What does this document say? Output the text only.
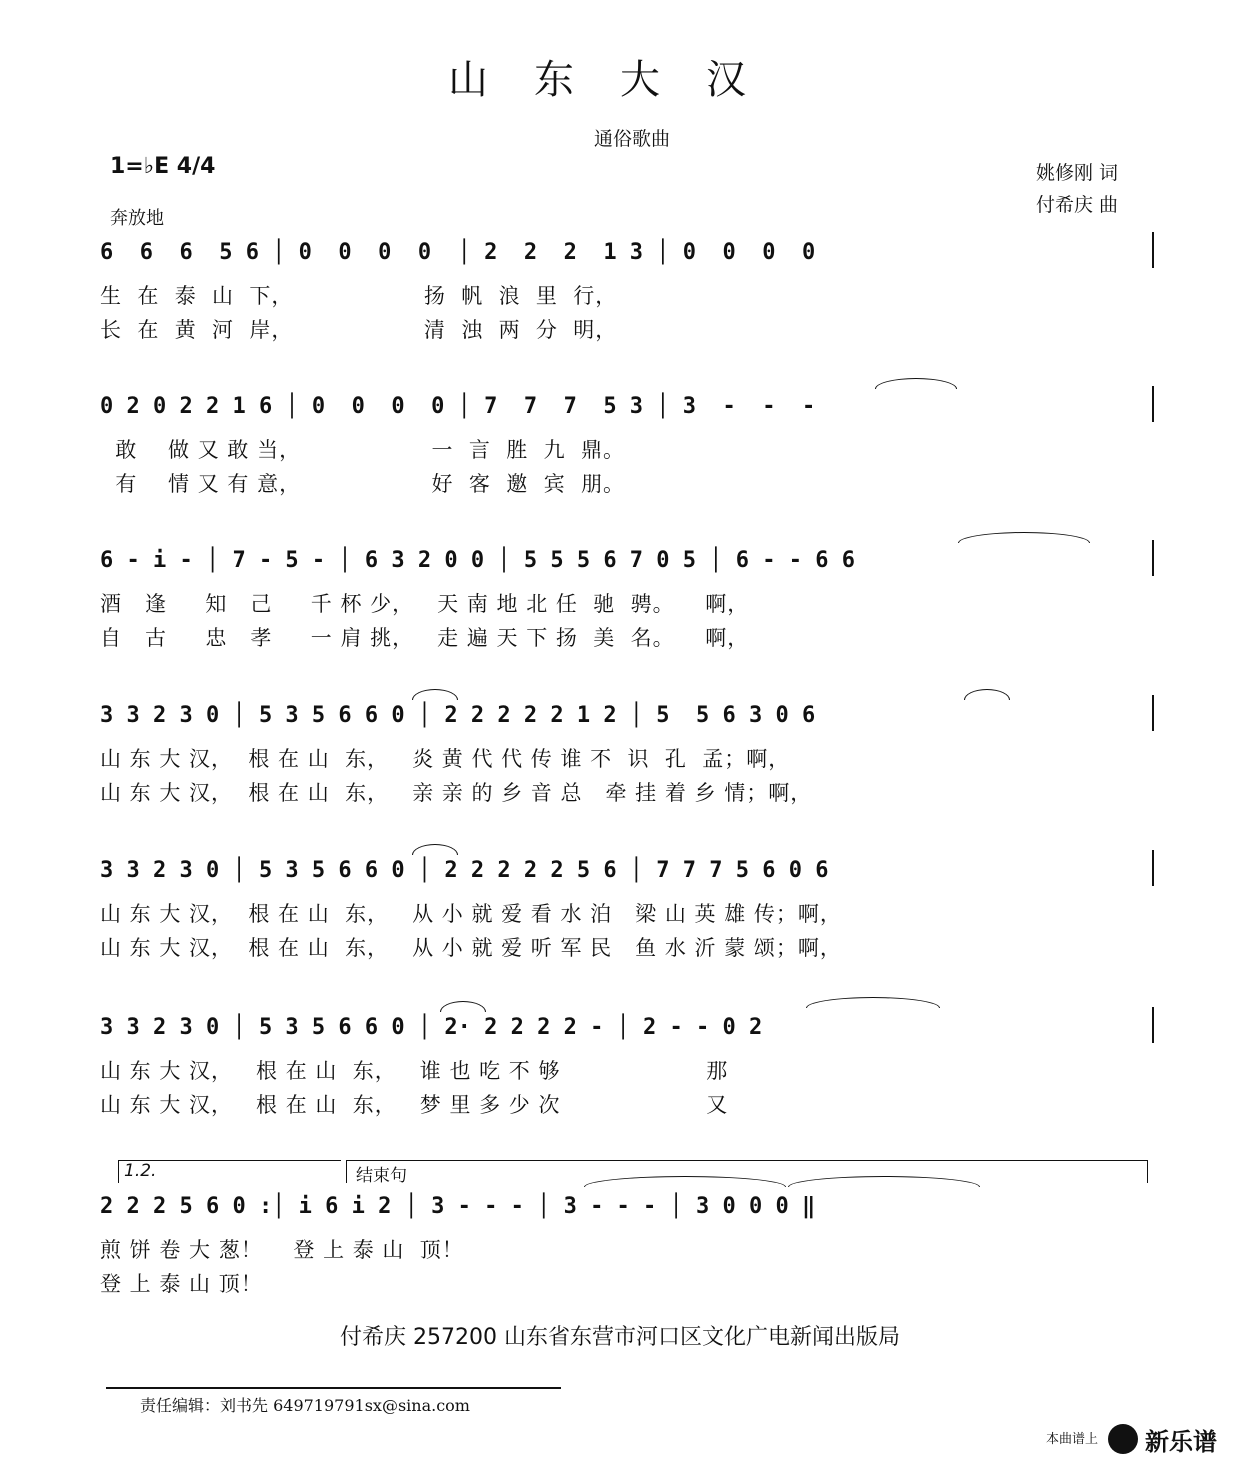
山东大汉
通俗歌曲
1=♭E 4/4
奔放地
姚修刚 词
付希庆 曲
6  6  6  5 6 │ 0  0  0  0  │ 2  2  2  1 3 │ 0  0  0  0
生  在  泰  山  下，                 扬  帆  浪  里  行，
长  在  黄  河  岸，                 清  浊  两  分  明，
0 2 0 2 2 1 6 │ 0  0  0  0 │ 7  7  7  5 3 │ 3  -  -  -
敢    做 又 敢 当，                 一  言  胜  九  鼎。
有    情 又 有 意，                 好  客  邀  宾  朋。
6 - i - │ 7 - 5 - │ 6 3 2 0 0 │ 5 5 5 6 7 0 5 │ 6 - - 6 6
酒   逢     知   己     千 杯 少，   天 南 地 北 任  驰  骋。    啊，
自   古     忠   孝     一 肩 挑，   走 遍 天 下 扬  美  名。    啊，
3 3 2 3 0 │ 5 3 5 6 6 0 │ 2 2 2 2 2 1 2 │ 5  5 6 3 0 6
山 东 大 汉，  根 在 山  东，   炎 黄 代 代 传 谁 不  识  孔  孟；啊，
山 东 大 汉，  根 在 山  东，   亲 亲 的 乡 音 总   牵 挂 着 乡 情；啊，
3 3 2 3 0 │ 5 3 5 6 6 0 │ 2 2 2 2 2 5 6 │ 7 7 7 5 6 0 6
山 东 大 汉，  根 在 山  东，   从 小 就 爱 看 水 泊   梁 山 英 雄 传；啊，
山 东 大 汉，  根 在 山  东，   从 小 就 爱 听 军 民   鱼 水 沂 蒙 颂；啊，
3 3 2 3 0 │ 5 3 5 6 6 0 │ 2· 2 2 2 2 - │ 2 - - 0 2
山 东 大 汉，   根 在 山  东，   谁 也 吃 不 够                   那
山 东 大 汉，   根 在 山  东，   梦 里 多 少 次                   又
1.2.	结束句
2 2 2 5 6 0 :│ i 6 i 2 │ 3 - - - │ 3 - - - │ 3 0 0 0 ‖
煎 饼 卷 大 葱！    登 上 泰 山  顶！
登 上 泰 山 顶！
付希庆 257200 山东省东营市河口区文化广电新闻出版局
责任编辑：刘书先 649719791sx@sina.com
本曲谱上 新乐谱
